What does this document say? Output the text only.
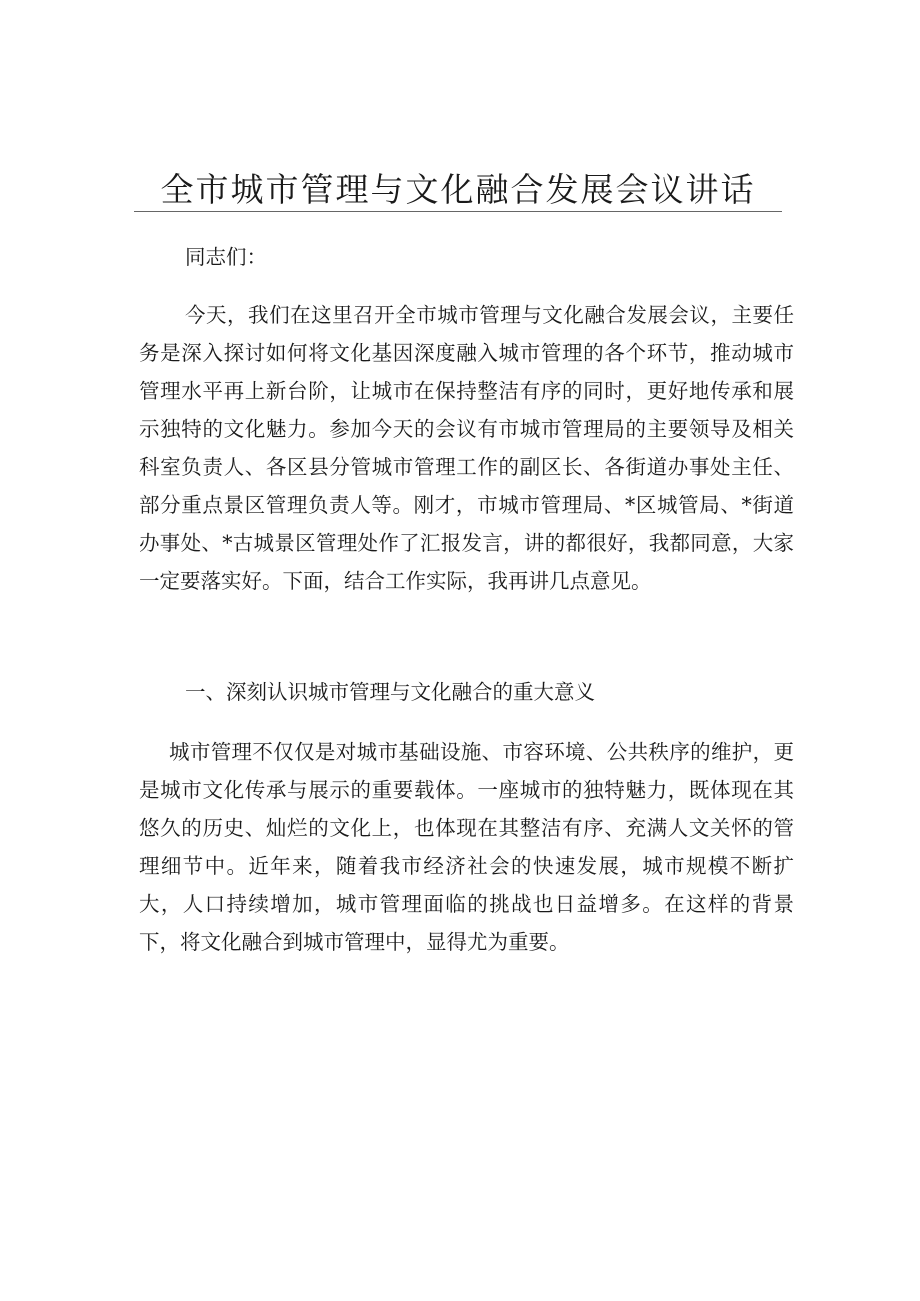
全市城市管理与文化融合发展会议讲话

同志们：

今天，我们在这里召开全市城市管理与文化融合发展会议，主要任务是深入探讨如何将文化基因深度融入城市管理的各个环节，推动城市管理水平再上新台阶，让城市在保持整洁有序的同时，更好地传承和展示独特的文化魅力。参加今天的会议有市城市管理局的主要领导及相关科室负责人、各区县分管城市管理工作的副区长、各街道办事处主任、部分重点景区管理负责人等。刚才，市城市管理局、*区城管局、*街道办事处、*古城景区管理处作了汇报发言，讲的都很好，我都同意，大家一定要落实好。下面，结合工作实际，我再讲几点意见。

一、深刻认识城市管理与文化融合的重大意义

城市管理不仅仅是对城市基础设施、市容环境、公共秩序的维护，更是城市文化传承与展示的重要载体。一座城市的独特魅力，既体现在其悠久的历史、灿烂的文化上，也体现在其整洁有序、充满人文关怀的管理细节中。近年来，随着我市经济社会的快速发展，城市规模不断扩大，人口持续增加，城市管理面临的挑战也日益增多。在这样的背景下，将文化融合到城市管理中，显得尤为重要。
